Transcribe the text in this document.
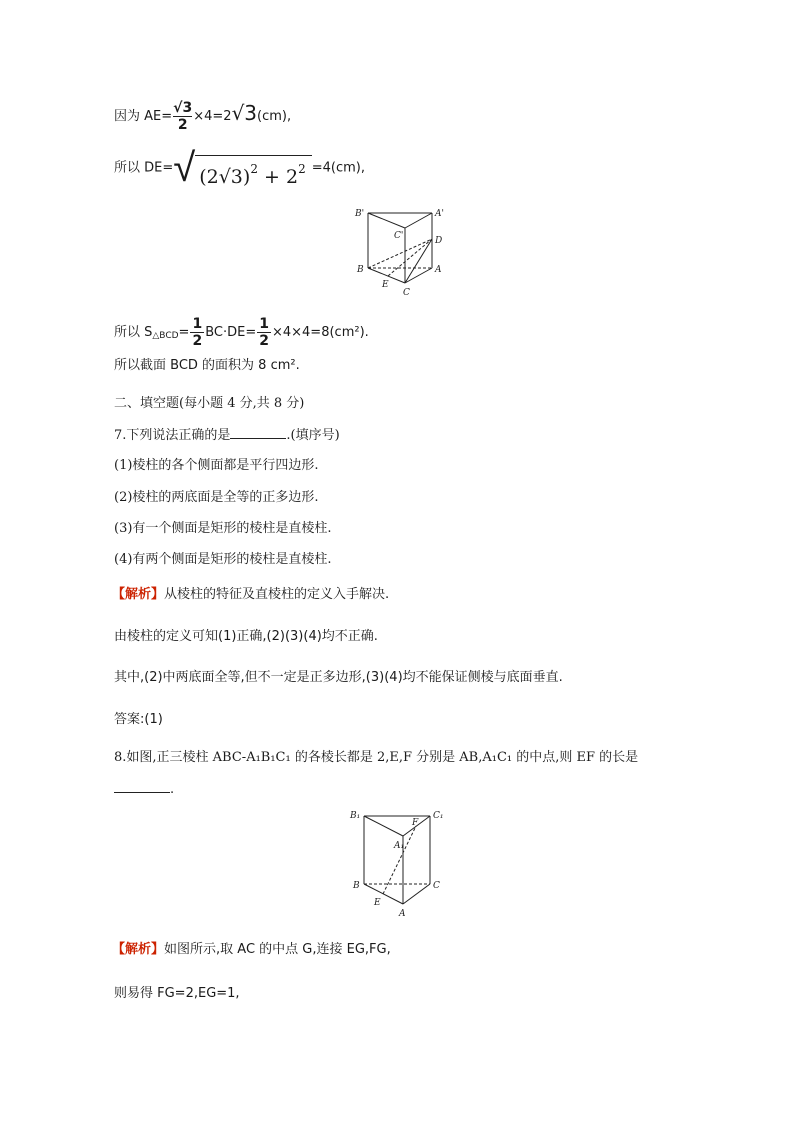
因为 $AE= \frac{√3}{2} \times 4=2√3(cm)$,
所以 DE= √ $(2√3)^2 + 2^2 =4(cm)$,
B'	A'
C'	D
B	A
E
C
所以 $S_{\triangle BCD}= \frac{1}{2} BC\cdot DE= \frac{1}{2} \times 4\times 4=8(cm^2)$.
所以截面 BCD 的面积为 8 cm².
二、填空题(每小题 4 分,共 8 分)
7.下列说法正确的是	.(填序号)
(1)棱柱的各个侧面都是平行四边形.
(2)棱柱的两底面是全等的正多边形.
(3)有一个侧面是矩形的棱柱是直棱柱.
(4)有两个侧面是矩形的棱柱是直棱柱.
【解析】从棱柱的特征及直棱柱的定义入手解决.
由棱柱的定义可知(1)正确,(2)(3)(4)均不正确.
其中,(2)中两底面全等,但不一定是正多边形,(3)(4)均不能保证侧棱与底面垂直.
答案:(1)
8.如图,正三棱柱 ABC-A₁B₁C₁ 的各棱长都是 2,E,F 分别是 AB,A₁C₁ 的中点,则 EF 的长是
.
B₁	C₁
F
A₁
B	C
E
A
【解析】如图所示,取 AC 的中点 G,连接 EG,FG,
则易得 FG=2,EG=1,
